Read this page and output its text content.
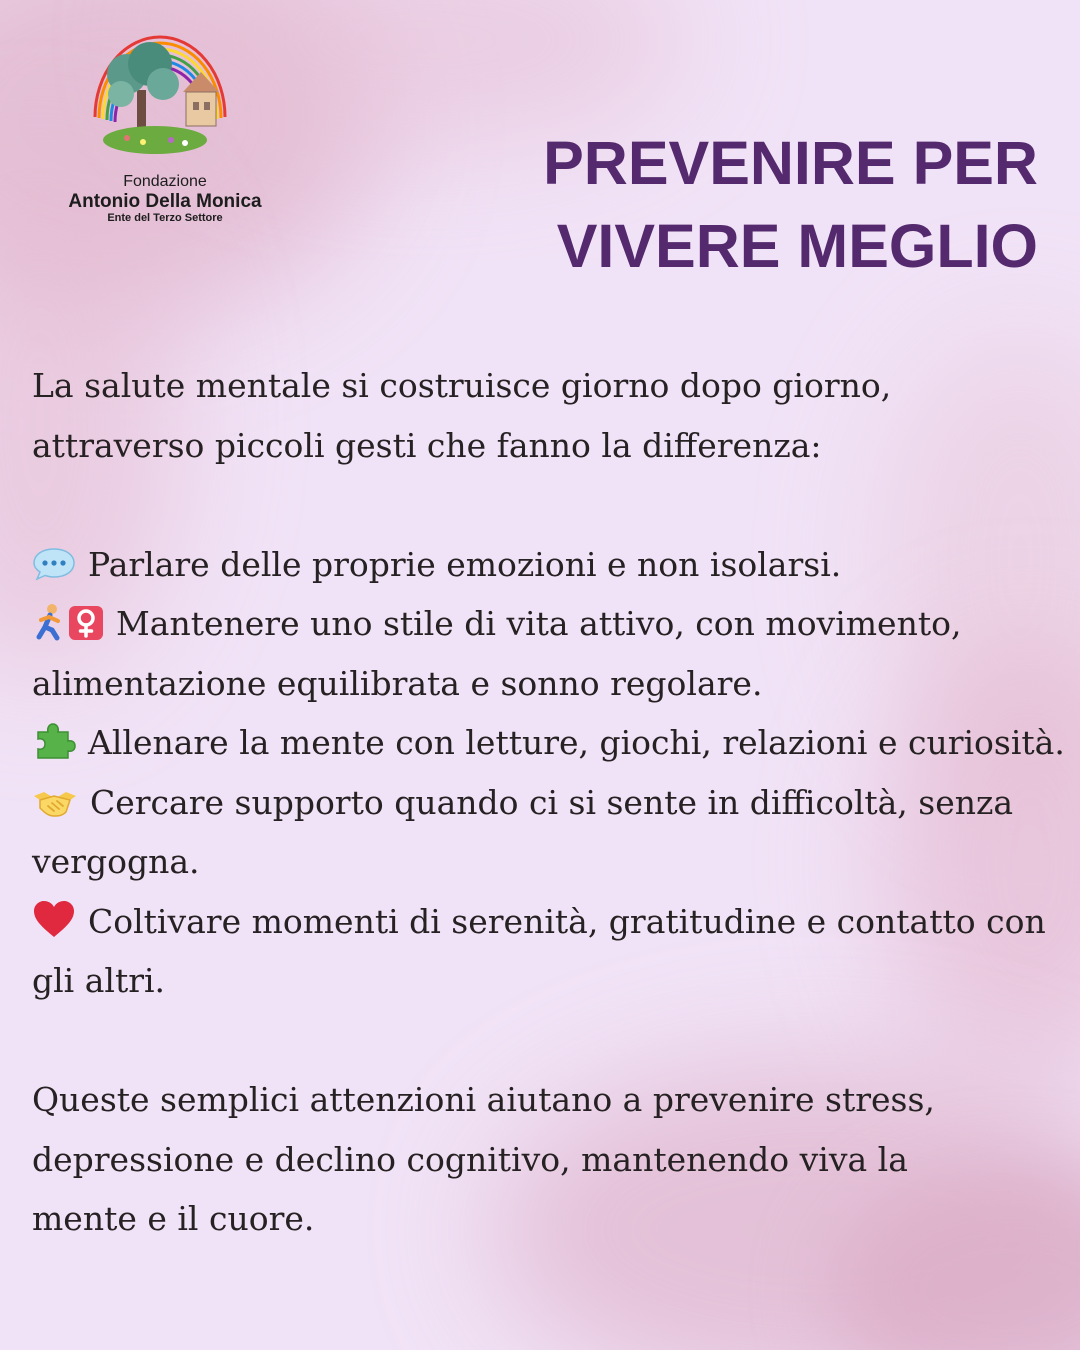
Fondazione
Antonio Della Monica
Ente del Terzo Settore
PREVENIRE PER
VIVERE MEGLIO
La salute mentale si costruisce giorno dopo giorno,
attraverso piccoli gesti che fanno la differenza:
Parlare delle proprie emozioni e non isolarsi.
Mantenere uno stile di vita attivo, con movimento, alimentazione equilibrata e sonno regolare.
Allenare la mente con letture, giochi, relazioni e curiosità.
Cercare supporto quando ci si sente in difficoltà, senza vergogna.
Coltivare momenti di serenità, gratitudine e contatto con gli altri.
Queste semplici attenzioni aiutano a prevenire stress,
depressione e declino cognitivo, mantenendo viva la
mente e il cuore.
